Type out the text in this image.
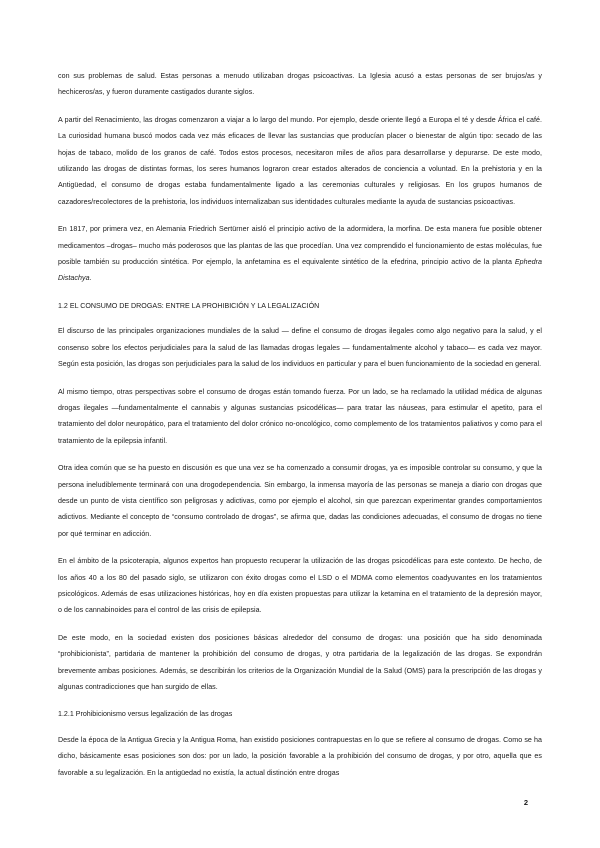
con sus problemas de salud. Estas personas a menudo utilizaban drogas psicoactivas. La Iglesia acusó a estas personas de ser brujos/as y hechiceros/as, y fueron duramente castigados durante siglos.

A partir del Renacimiento, las drogas comenzaron a viajar a lo largo del mundo. Por ejemplo, desde oriente llegó a Europa el té y desde África el café. La curiosidad humana buscó modos cada vez más eficaces de llevar las sustancias que producían placer o bienestar de algún tipo: secado de las hojas de tabaco, molido de los granos de café. Todos estos procesos, necesitaron miles de años para desarrollarse y depurarse. De este modo, utilizando las drogas de distintas formas, los seres humanos lograron crear estados alterados de conciencia a voluntad. En la prehistoria y en la Antigüedad, el consumo de drogas estaba fundamentalmente ligado a las ceremonias culturales y religiosas. En los grupos humanos de cazadores/recolectores de la prehistoria, los individuos internalizaban sus identidades culturales mediante la ayuda de sustancias psicoactivas.

En 1817, por primera vez, en Alemania Friedrich Sertürner aisló el principio activo de la adormidera, la morfina. De esta manera fue posible obtener medicamentos –drogas– mucho más poderosos que las plantas de las que procedían. Una vez comprendido el funcionamiento de estas moléculas, fue posible también su producción sintética. Por ejemplo, la anfetamina es el equivalente sintético de la efedrina, principio activo de la planta Ephedra Distachya.

1.2 EL CONSUMO DE DROGAS: ENTRE LA PROHIBICIÓN Y LA LEGALIZACIÓN

El discurso de las principales organizaciones mundiales de la salud — define el consumo de drogas ilegales como algo negativo para la salud, y el consenso sobre los efectos perjudiciales para la salud de las llamadas drogas legales — fundamentalmente alcohol y tabaco— es cada vez mayor. Según esta posición, las drogas son perjudiciales para la salud de los individuos en particular y para el buen funcionamiento de la sociedad en general.

Al mismo tiempo, otras perspectivas sobre el consumo de drogas están tomando fuerza. Por un lado, se ha reclamado la utilidad médica de algunas drogas ilegales —fundamentalmente el cannabis y algunas sustancias psicodélicas— para tratar las náuseas, para estimular el apetito, para el tratamiento del dolor neuropático, para el tratamiento del dolor crónico no-oncológico, como complemento de los tratamientos paliativos y como para el tratamiento de la epilepsia infantil.

Otra idea común que se ha puesto en discusión es que una vez se ha comenzado a consumir drogas, ya es imposible controlar su consumo, y que la persona ineludiblemente terminará con una drogodependencia. Sin embargo, la inmensa mayoría de las personas se maneja a diario con drogas que desde un punto de vista científico son peligrosas y adictivas, como por ejemplo el alcohol, sin que parezcan experimentar grandes comportamientos adictivos. Mediante el concepto de “consumo controlado de drogas”, se afirma que, dadas las condiciones adecuadas, el consumo de drogas no tiene por qué terminar en adicción.

En el ámbito de la psicoterapia, algunos expertos han propuesto recuperar la utilización de las drogas psicodélicas para este contexto. De hecho, de los años 40 a los 80 del pasado siglo, se utilizaron con éxito drogas como el LSD o el MDMA como elementos coadyuvantes en los tratamientos psicológicos. Además de esas utilizaciones históricas, hoy en día existen propuestas para utilizar la ketamina en el tratamiento de la depresión mayor, o de los cannabinoides para el control de las crisis de epilepsia.

De este modo, en la sociedad existen dos posiciones básicas alrededor del consumo de drogas: una posición que ha sido denominada “prohibicionista”, partidaria de mantener la prohibición del consumo de drogas, y otra partidaria de la legalización de las drogas. Se expondrán brevemente ambas posiciones. Además, se describirán los criterios de la Organización Mundial de la Salud (OMS) para la prescripción de las drogas y algunas contradicciones que han surgido de ellas.

1.2.1 Prohibicionismo versus legalización de las drogas

Desde la época de la Antigua Grecia y la Antigua Roma, han existido posiciones contrapuestas en lo que se refiere al consumo de drogas. Como se ha dicho, básicamente esas posiciones son dos: por un lado, la posición favorable a la prohibición del consumo de drogas, y por otro, aquella que es favorable a su legalización. En la antigüedad no existía, la actual distinción entre drogas

2
